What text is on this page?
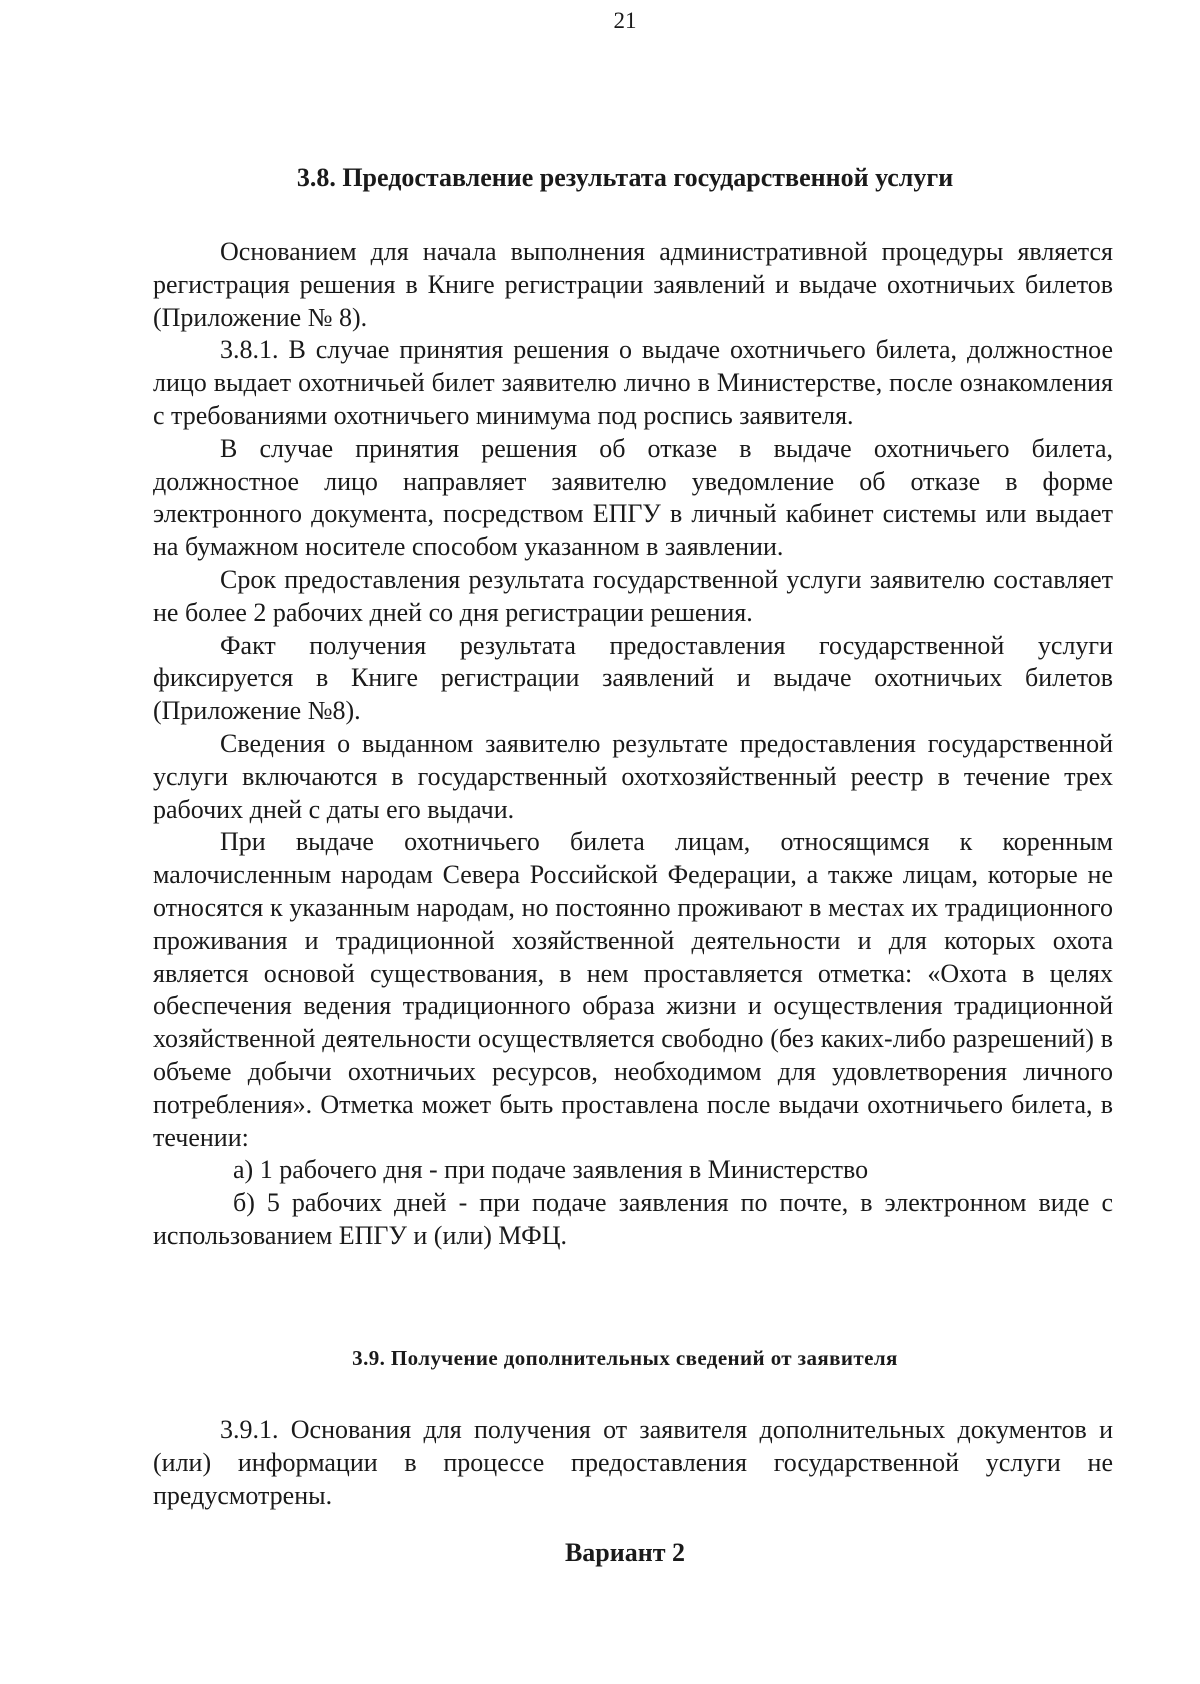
21
3.8. Предоставление результата государственной услуги

Основанием для начала выполнения административной процедуры является регистрация решения в Книге регистрации заявлений и выдаче охотничьих билетов (Приложение № 8).

3.8.1. В случае принятия решения о выдаче охотничьего билета, должностное лицо выдает охотничьей билет заявителю лично в Министерстве, после ознакомления с требованиями охотничьего минимума под роспись заявителя.

В случае принятия решения об отказе в выдаче охотничьего билета, должностное лицо направляет заявителю уведомление об отказе в форме электронного документа, посредством ЕПГУ в личный кабинет системы или выдает на бумажном носителе способом указанном в заявлении.

Срок предоставления результата государственной услуги заявителю составляет не более 2 рабочих дней со дня регистрации решения.

Факт получения результата предоставления государственной услуги фиксируется в Книге регистрации заявлений и выдаче охотничьих билетов (Приложение №8).

Сведения о выданном заявителю результате предоставления государственной услуги включаются в государственный охотхозяйственный реестр в течение трех рабочих дней с даты его выдачи.

При выдаче охотничьего билета лицам, относящимся к коренным малочисленным народам Севера Российской Федерации, а также лицам, которые не относятся к указанным народам, но постоянно проживают в местах их традиционного проживания и традиционной хозяйственной деятельности и для которых охота является основой существования, в нем проставляется отметка: «Охота в целях обеспечения ведения традиционного образа жизни и осуществления традиционной хозяйственной деятельности осуществляется свободно (без каких-либо разрешений) в объеме добычи охотничьих ресурсов, необходимом для удовлетворения личного потребления». Отметка может быть проставлена после выдачи охотничьего билета, в течении:

а) 1 рабочего дня - при подаче заявления в Министерство

б) 5 рабочих дней - при подаче заявления по почте, в электронном виде с использованием ЕПГУ и (или) МФЦ.

3.9. Получение дополнительных сведений от заявителя

3.9.1. Основания для получения от заявителя дополнительных документов и (или) информации в процессе предоставления государственной услуги не предусмотрены.

Вариант 2
